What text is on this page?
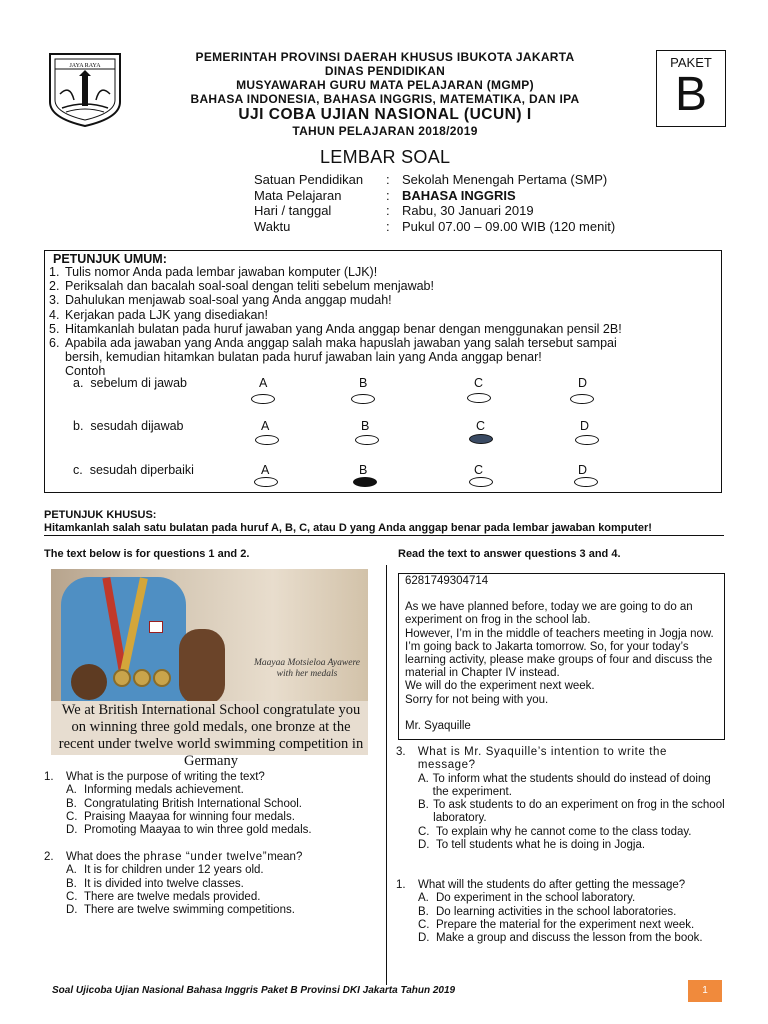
JAYA RAYA
PEMERINTAH PROVINSI DAERAH KHUSUS IBUKOTA JAKARTA
DINAS PENDIDIKAN
MUSYAWARAH GURU MATA PELAJARAN (MGMP)
BAHASA INDONESIA, BAHASA INGGRIS, MATEMATIKA, DAN IPA
UJI COBA UJIAN NASIONAL (UCUN) I
TAHUN PELAJARAN 2018/2019
PAKET
B
LEMBAR SOAL
Satuan Pendidikan	: Sekolah Menengah Pertama (SMP)
Mata Pelajaran	: BAHASA INGGRIS
Hari / tanggal	: Rabu, 30 Januari 2019
Waktu	: Pukul 07.00 – 09.00 WIB (120 menit)
PETUNJUK UMUM:
1. Tulis nomor Anda pada lembar jawaban komputer (LJK)!
2. Periksalah dan bacalah soal-soal dengan teliti sebelum menjawab!
3. Dahulukan menjawab soal-soal yang Anda anggap mudah!
4. Kerjakan pada LJK yang disediakan!
5. Hitamkanlah bulatan pada huruf jawaban yang Anda anggap benar dengan menggunakan pensil 2B!
6. Apabila ada jawaban yang Anda anggap salah maka hapuslah jawaban yang salah tersebut sampai
bersih, kemudian hitamkan bulatan pada huruf jawaban lain yang Anda anggap benar!
Contoh
a. sebelum di jawab	A	B	C	D
b. sesudah dijawab	A	B	C	D
c. sesudah diperbaiki	A	B	C	D
PETUNJUK KHUSUS:
Hitamkanlah salah satu bulatan pada huruf A, B, C, atau D yang Anda anggap benar pada lembar jawaban komputer!
The text below is for questions 1 and 2.	Read the text to answer questions 3 and 4.
Maayaa Motsieloa Ayawere
with her medals
We at British International School congratulate you on winning three gold medals, one bronze at the recent under twelve world swimming competition in Germany
1.	What is the purpose of writing the text?
A. Informing medals achievement.
B. Congratulating British International School.
C. Praising Maayaa for winning four medals.
D. Promoting Maayaa to win three gold medals.
2.	What does the phrase “under twelve”mean?
A. It is for children under 12 years old.
B. It is divided into twelve classes.
C. There are twelve medals provided.
D. There are twelve swimming competitions.
6281749304714
As we have planned before, today we are going to do an experiment on frog in the school lab.
However, I’m in the middle of teachers meeting in Jogja now. I’m going back to Jakarta tomorrow. So, for your today’s learning activity, please make groups of four and discuss the material in Chapter IV instead.
We will do the experiment next week.
Sorry for not being with you.
Mr. Syaquille
3.	What is Mr. Syaquille’s intention to write the message?
A. To inform what the students should do instead of doing the experiment.
B. To ask students to do an experiment on frog in the school laboratory.
C. To explain why he cannot come to the class today.
D. To tell students what he is doing in Jogja.
1.	What will the students do after getting the message?
A. Do experiment in the school laboratory.
B. Do learning activities in the school laboratories.
C. Prepare the material for the experiment next week.
D. Make a group and discuss the lesson from the book.
Soal Ujicoba Ujian Nasional Bahasa Inggris Paket B Provinsi DKI Jakarta Tahun 2019	1
